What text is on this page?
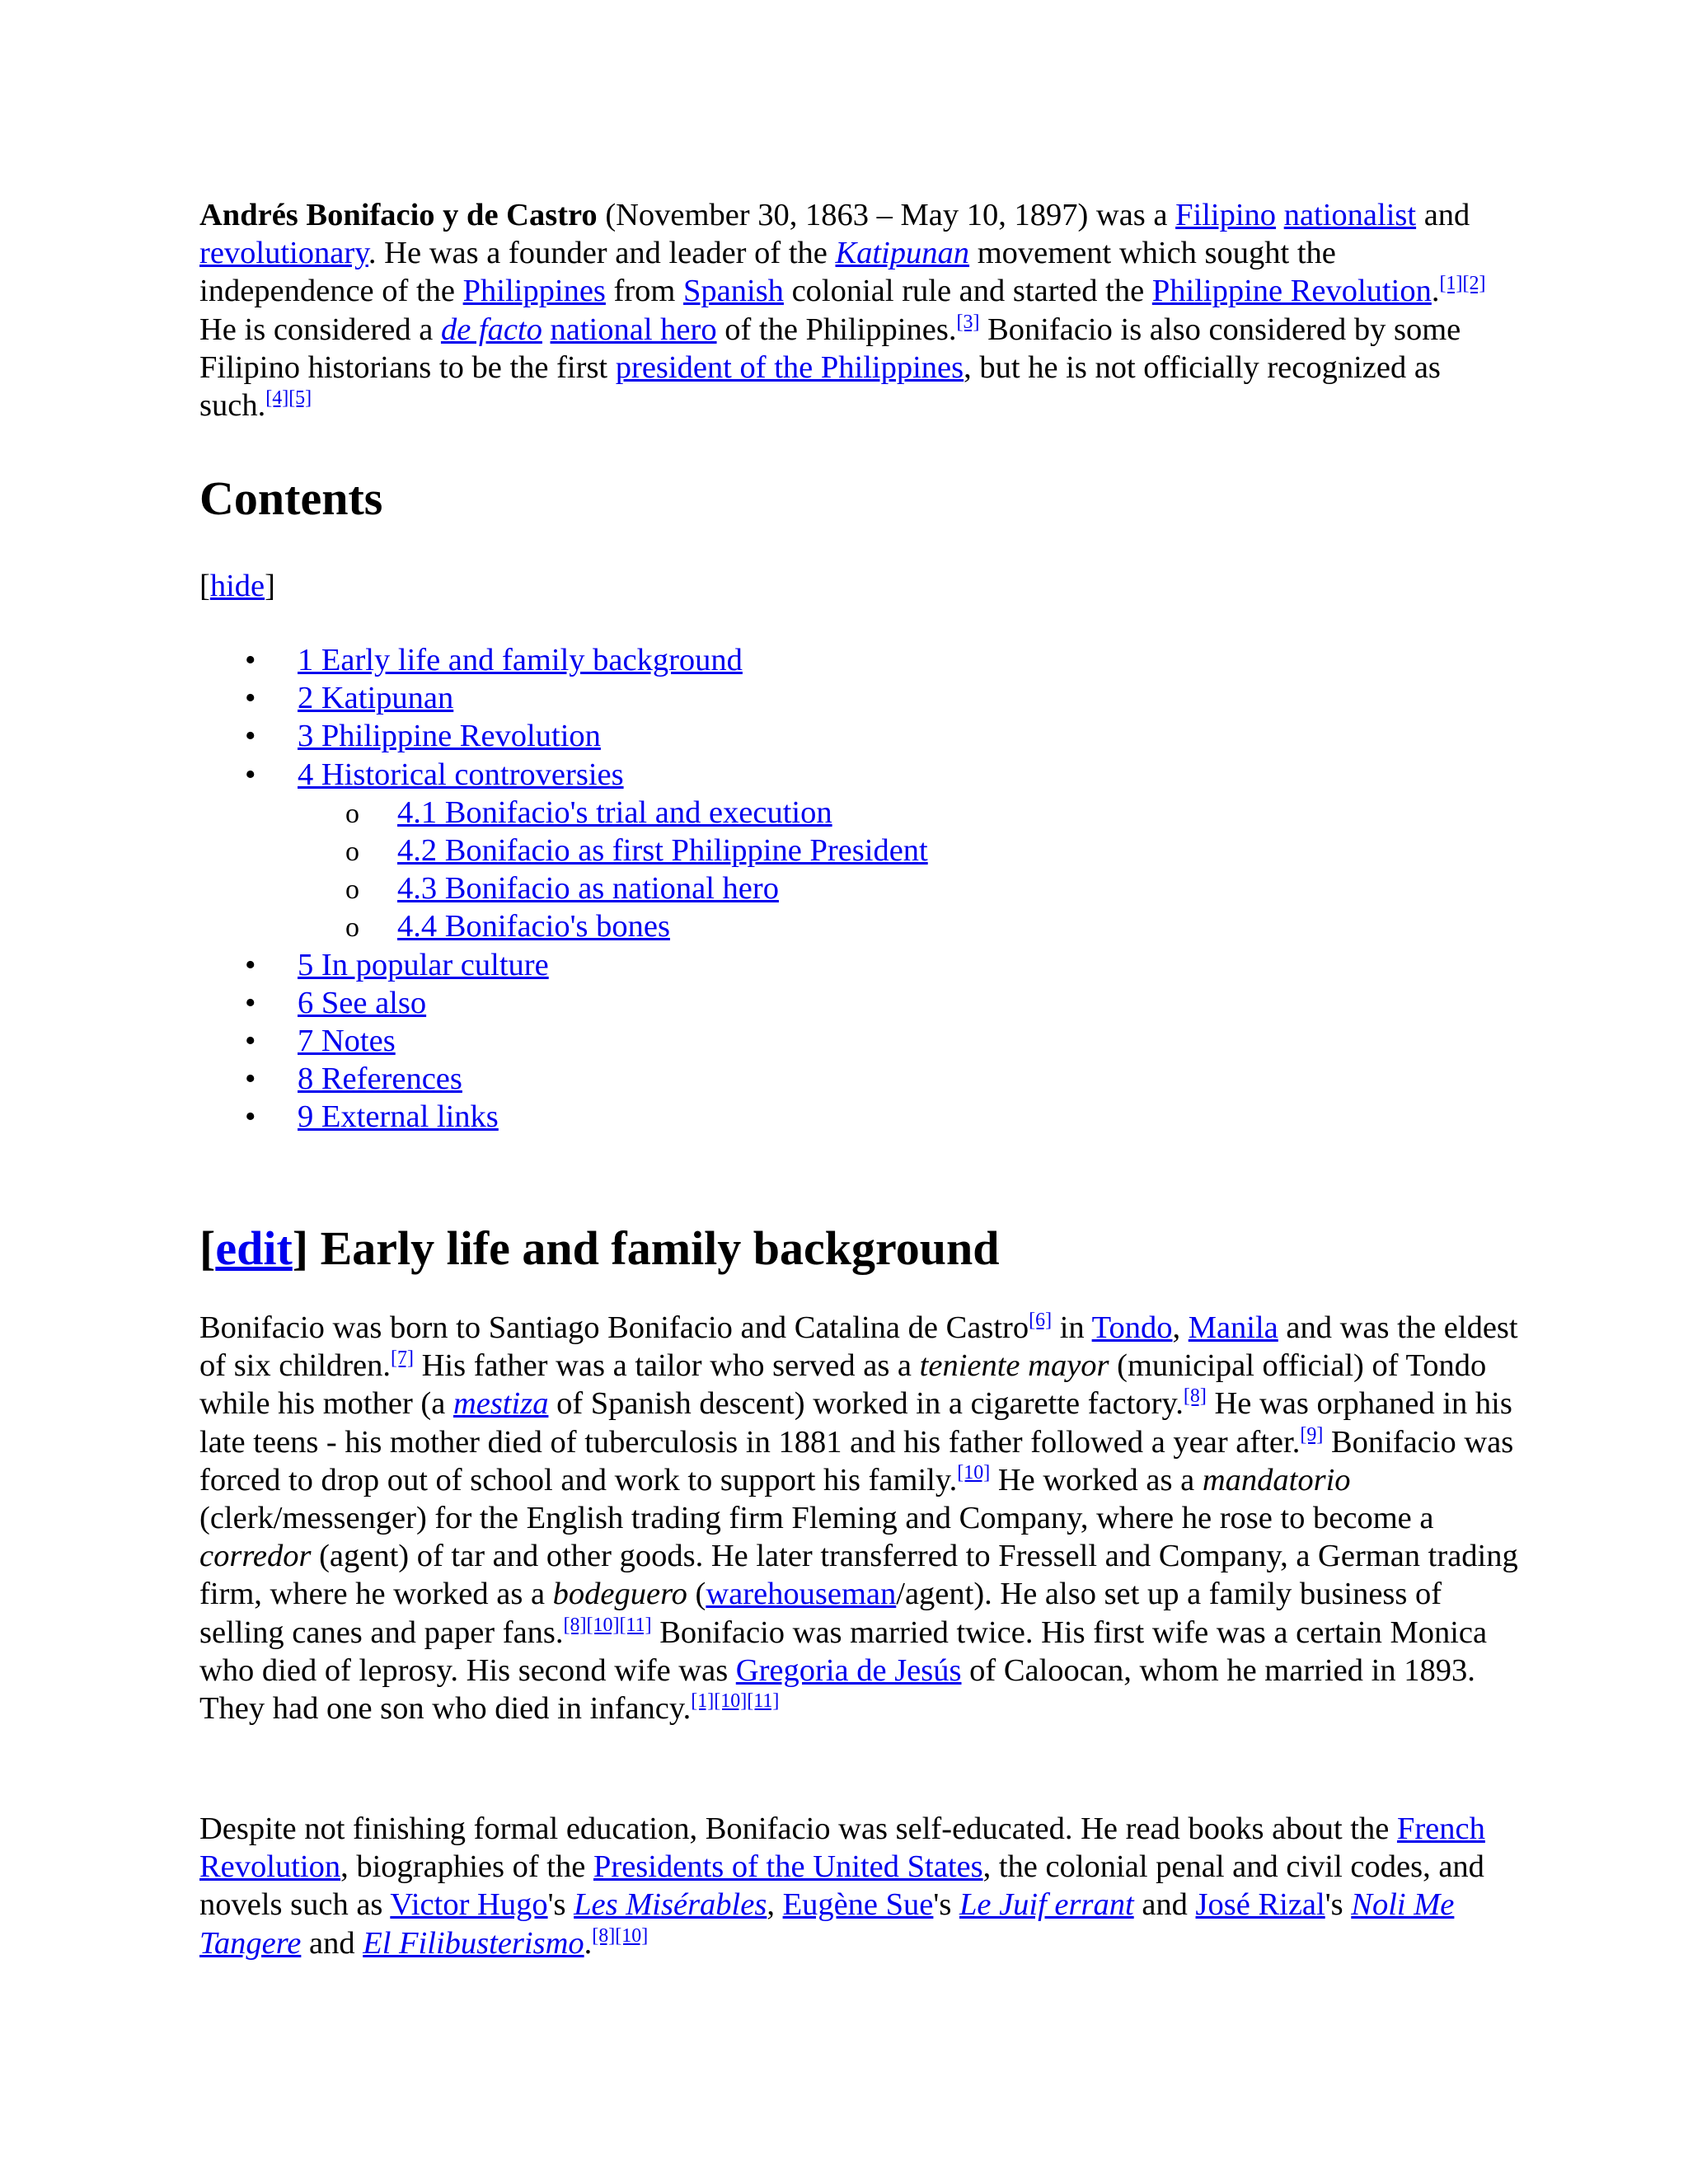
Andrés Bonifacio y de Castro (November 30, 1863 – May 10, 1897) was a Filipino nationalist and revolutionary. He was a founder and leader of the Katipunan movement which sought the independence of the Philippines from Spanish colonial rule and started the Philippine Revolution.[1][2] He is considered a de facto national hero of the Philippines.[3] Bonifacio is also considered by some Filipino historians to be the first president of the Philippines, but he is not officially recognized as such.[4][5]

Contents
[hide]
• 1 Early life and family background
• 2 Katipunan
• 3 Philippine Revolution
• 4 Historical controversies
o 4.1 Bonifacio's trial and execution
o 4.2 Bonifacio as first Philippine President
o 4.3 Bonifacio as national hero
o 4.4 Bonifacio's bones
• 5 In popular culture
• 6 See also
• 7 Notes
• 8 References
• 9 External links
[edit] Early life and family background

Bonifacio was born to Santiago Bonifacio and Catalina de Castro[6] in Tondo, Manila and was the eldest of six children.[7] His father was a tailor who served as a teniente mayor (municipal official) of Tondo while his mother (a mestiza of Spanish descent) worked in a cigarette factory.[8] He was orphaned in his late teens - his mother died of tuberculosis in 1881 and his father followed a year after.[9] Bonifacio was forced to drop out of school and work to support his family.[10] He worked as a mandatorio (clerk/messenger) for the English trading firm Fleming and Company, where he rose to become a corredor (agent) of tar and other goods. He later transferred to Fressell and Company, a German trading firm, where he worked as a bodeguero (warehouseman/agent). He also set up a family business of selling canes and paper fans.[8][10][11] Bonifacio was married twice. His first wife was a certain Monica who died of leprosy. His second wife was Gregoria de Jesús of Caloocan, whom he married in 1893. They had one son who died in infancy.[1][10][11]

Despite not finishing formal education, Bonifacio was self-educated. He read books about the French Revolution, biographies of the Presidents of the United States, the colonial penal and civil codes, and novels such as Victor Hugo's Les Misérables, Eugène Sue's Le Juif errant and José Rizal's Noli Me Tangere and El Filibusterismo.[8][10]
